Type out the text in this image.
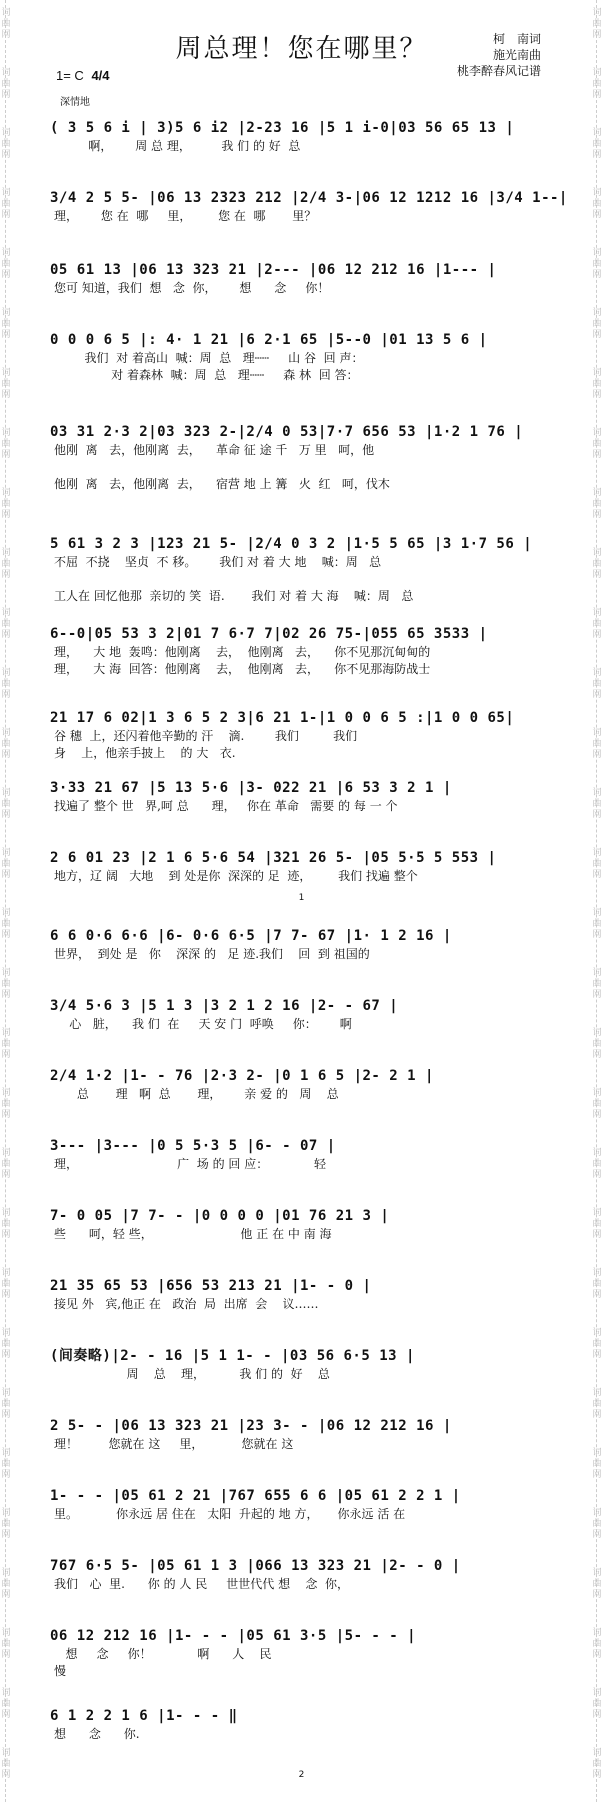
词
曲
网
词
曲
网
词
曲
网
词
曲
网
词
曲
网
词
曲
网
词
曲
网
词
曲
网
词
曲
网
词
曲
网
词
曲
网
词
曲
网
词
曲
网
词
曲
网
词
曲
网
词
曲
网
词
曲
网
词
曲
网
词
曲
网
词
曲
网
词
曲
网
词
曲
网
词
曲
网
词
曲
网
词
曲
网
词
曲
网
词
曲
网
词
曲
网
词
曲
网
词
曲
网
词
曲
网
词
曲
网
词
曲
网
词
曲
网
词
曲
网
词
曲
网
词
曲
网
词
曲
网
词
曲
网
词
曲
网
词
曲
网
词
曲
网
词
曲
网
词
曲
网
词
曲
网
词
曲
网
词
曲
网
词
曲
网
词
曲
网
词
曲
网
词
曲
网
词
曲
网
词
曲
网
词
曲
网
词
曲
网
词
曲
网
词
曲
网
词
曲
网
词
曲
网
词
曲
网
周总理！您在哪里？	柯　南词
施光南曲
桃李醉春风记谱
1= C 4/4
深情地
( 3 5 6 i | 3)5 6 i2 |2-23 16 |5 1 i-0|03 56 65 13 |
啊，      周 总 理，        我 们 的 好  总
3/4 2 5 5- |06 13 2323 212 |2/4 3-|06 12 1212 16 |3/4 1--|
理，      您 在  哪     里，       您 在  哪       里？
05 61 13 |06 13 323 21 |2--- |06 12 212 16 |1--- |
您可 知道，我们  想   念  你，      想      念     你！
0 0 0 6 5 |: 4· 1 21 |6 2·1 65 |5--0 |01 13 5 6 |
我们  对 着高山  喊：周  总   理┄┄     山 谷  回 声：
对 着森林  喊：周  总   理┄┄     森 林  回 答：
03 31 2·3 2|03 323 2-|2/4 0 53|7·7 656 53 |1·2 1 76 |
他刚  离   去，他刚离  去，    革命 征 途 千   万 里   呵，他
他刚  离   去，他刚离  去，    宿营 地 上 篝   火  红   呵，伐木
5 61 3 2 3 |123 21 5- |2/4 0 3 2 |1·5 5 65 |3 1·7 56 |
不屈  不挠    坚贞  不 移。      我们 对 着 大 地    喊：周   总
工人在 回忆他那  亲切的 笑  语.       我们 对 着 大 海    喊：周   总
6--0|05 53 3 2|01 7 6·7 7|02 26 75-|055 65 3533 |
理，    大 地  轰鸣：他刚离    去，  他刚离   去，    你不见那沉甸甸的
理，    大 海  回答：他刚离    去，  他刚离   去，    你不见那海防战士
21 17 6 02|1 3 6 5 2 3|6 21 1-|1 0 0 6 5 :|1 0 0 65|
谷 穗  上，还闪着他辛勤的 汗    滴.        我们         我们
身    上，他亲手披上    的 大   衣.
3·33 21 67 |5 13 5·6 |3- 022 21 |6 53 3 2 1 |
找遍了 整个 世   界,呵 总      理，   你在 革命   需要 的 每 一 个
2 6 01 23 |2 1 6 5·6 54 |321 26 5- |05 5·5 5 553 |
地方，辽 阔   大地    到 处是你  深深的 足  迹，       我们 找遍 整个
6 6 0·6 6·6 |6- 0·6 6·5 |7 7- 67 |1· 1 2 16 |
世界，  到处 是   你    深深 的   足 迹.我们    回  到 祖国的
3/4 5·6 3 |5 1 3 |3 2 1 2 16 |2- - 67 |
心   脏，    我 们  在     天 安 门  呼唤     你：      啊
2/4 1·2 |1- - 76 |2·3 2- |0 1 6 5 |2- 2 1 |
总       理   啊  总       理，      亲 爱 的   周    总
3--- |3--- |0 5 5·3 5 |6- - 07 |
理，                          广  场 的 回 应：            轻
7- 0 05 |7 7- - |0 0 0 0 |01 76 21 3 |
些      呵，轻 些，                       他 正 在 中 南 海
21 35 65 53 |656 53 213 21 |1- - 0 |
接见 外   宾,他正 在   政治  局  出席  会    议……
(间奏略)|2- - 16 |5 1 1- - |03 56 6·5 13 |
周    总    理，         我 们 的  好    总
2 5- - |06 13 323 21 |23 3- - |06 12 212 16 |
理！        您就在 这     里，          您就在 这
1- - - |05 61 2 21 |767 655 6 6 |05 61 2 2 1 |
里。          你永远 居 住在   太阳  升起的 地 方，     你永远 活 在
767 6·5 5- |05 61 1 3 |066 13 323 21 |2- - 0 |
我们   心  里.      你 的 人 民     世世代代 想    念  你，
06 12 212 16 |1- - - |05 61 3·5 |5- - - |
想     念     你！            啊      人    民
慢
6 1 2 2 1 6 |1- - - ‖
想      念      你.
1
2
